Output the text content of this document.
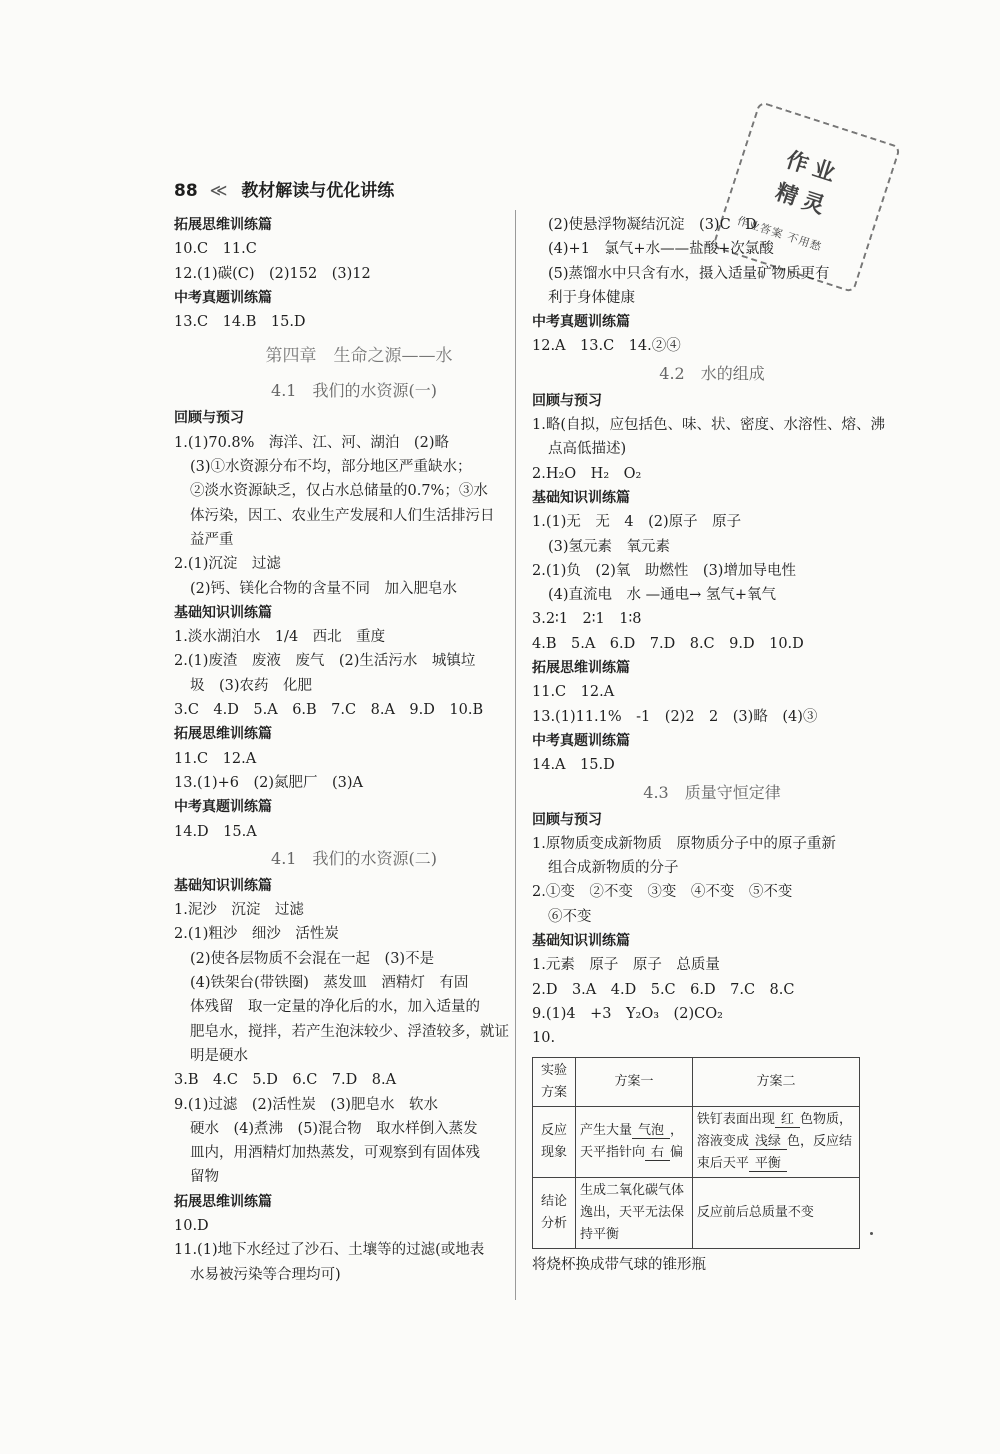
88 ≪ 教材解读与优化讲练
作业
精灵
作业答案 不用愁
拓展思维训练篇
10.C　11.C
12.(1)碳(C)　(2)152　(3)12
中考真题训练篇
13.C　14.B　15.D
第四章　生命之源——水
4.1　我们的水资源(一)
回顾与预习
1.(1)70.8%　海洋、江、河、湖泊　(2)略
(3)①水资源分布不均，部分地区严重缺水；
②淡水资源缺乏，仅占水总储量的0.7%；③水
体污染，因工、农业生产发展和人们生活排污日
益严重
2.(1)沉淀　过滤
(2)钙、镁化合物的含量不同　加入肥皂水
基础知识训练篇
1.淡水湖泊水　1/4　西北　重度
2.(1)废渣　废液　废气　(2)生活污水　城镇垃
圾　(3)农药　化肥
3.C　4.D　5.A　6.B　7.C　8.A　9.D　10.B
拓展思维训练篇
11.C　12.A
13.(1)+6　(2)氮肥厂　(3)A
中考真题训练篇
14.D　15.A
4.1　我们的水资源(二)
基础知识训练篇
1.泥沙　沉淀　过滤
2.(1)粗沙　细沙　活性炭
(2)使各层物质不会混在一起　(3)不是
(4)铁架台(带铁圈)　蒸发皿　酒精灯　有固
体残留　取一定量的净化后的水，加入适量的
肥皂水，搅拌，若产生泡沫较少、浮渣较多，就证
明是硬水
3.B　4.C　5.D　6.C　7.D　8.A
9.(1)过滤　(2)活性炭　(3)肥皂水　软水
硬水　(4)煮沸　(5)混合物　取水样倒入蒸发
皿内，用酒精灯加热蒸发，可观察到有固体残
留物
拓展思维训练篇
10.D
11.(1)地下水经过了沙石、土壤等的过滤(或地表
水易被污染等合理均可)
(2)使悬浮物凝结沉淀　(3)C　D
(4)+1　氯气+水——盐酸+次氯酸
(5)蒸馏水中只含有水，摄入适量矿物质更有
利于身体健康
中考真题训练篇
12.A　13.C　14.②④
4.2　水的组成
回顾与预习
1.略(自拟，应包括色、味、状、密度、水溶性、熔、沸
点高低描述)
2.H₂O　H₂　O₂
基础知识训练篇
1.(1)无　无　4　(2)原子　原子
(3)氢元素　氧元素
2.(1)负　(2)氧　助燃性　(3)增加导电性
(4)直流电　水 —通电→ 氢气+氧气
3.2∶1　2∶1　1∶8
4.B　5.A　6.D　7.D　8.C　9.D　10.D
拓展思维训练篇
11.C　12.A
13.(1)11.1%　-1　(2)2　2　(3)略　(4)③
中考真题训练篇
14.A　15.D
4.3　质量守恒定律
回顾与预习
1.原物质变成新物质　原物质分子中的原子重新
组合成新物质的分子
2.①变　②不变　③变　④不变　⑤不变
⑥不变
基础知识训练篇
1.元素　原子　原子　总质量
2.D　3.A　4.D　5.C　6.D　7.C　8.C
9.(1)4　+3　Y₂O₃　(2)CO₂
10.
实验方案	方案一	方案二
反应现象	产生大量 气泡 ，天平指针向 右 偏	铁钉表面出现 红 色物质，溶液变成 浅绿 色，反应结束后天平 平衡
结论分析	生成二氧化碳气体逸出，天平无法保持平衡	反应前后总质量不变
将烧杯换成带气球的锥形瓶
